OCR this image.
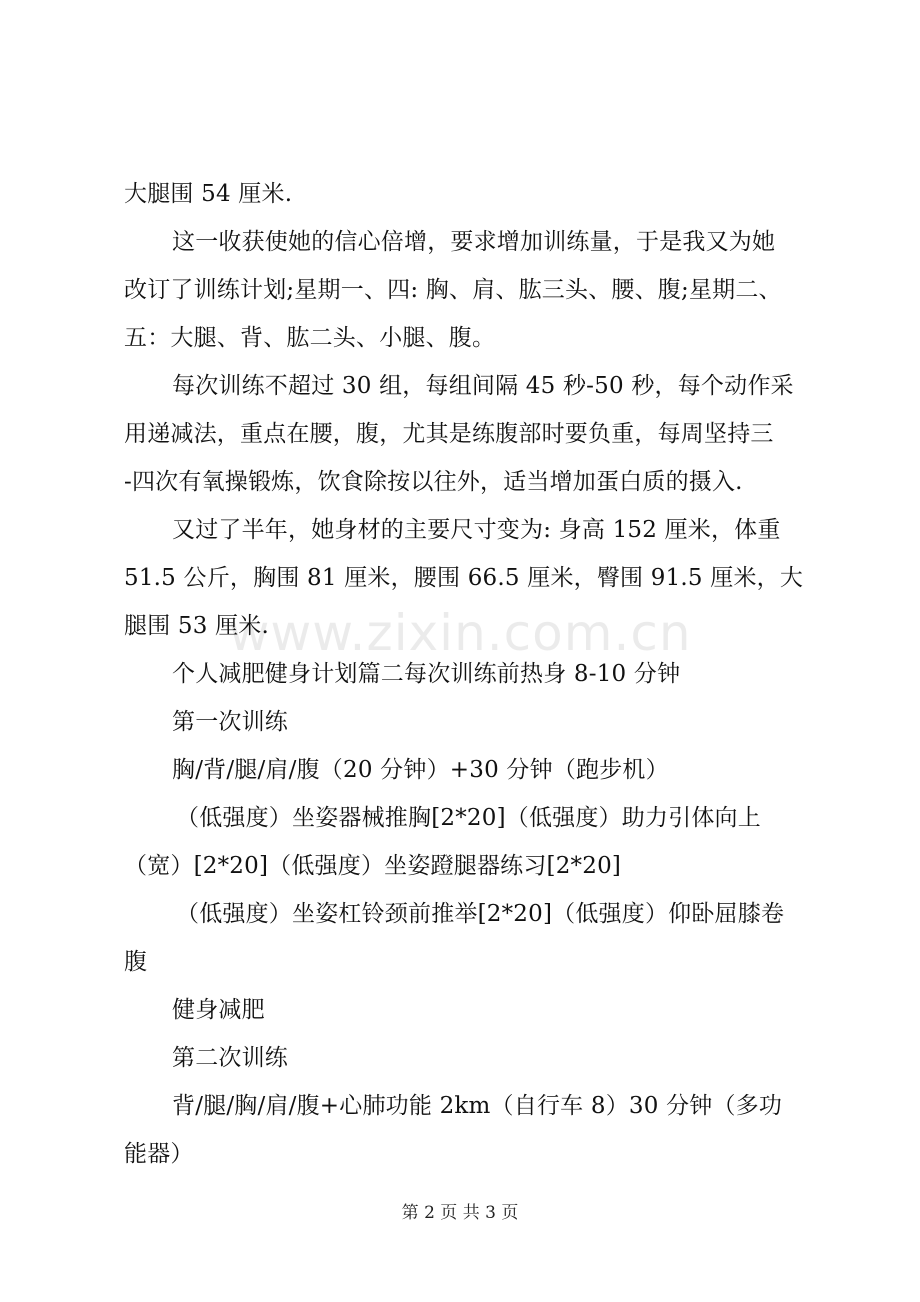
大腿围 54 厘米.
这一收获使她的信心倍增，要求增加训练量，于是我又为她
改订了训练计划;星期一、四: 胸、肩、肱三头、腰、腹;星期二、
五：大腿、背、肱二头、小腿、腹。
每次训练不超过 30 组，每组间隔 45 秒-50 秒，每个动作采
用递减法，重点在腰，腹，尤其是练腹部时要负重，每周坚持三
-四次有氧操锻炼，饮食除按以往外，适当增加蛋白质的摄入.
又过了半年，她身材的主要尺寸变为: 身高 152 厘米，体重
51.5 公斤，胸围 81 厘米，腰围 66.5 厘米，臀围 91.5 厘米，大
腿围 53 厘米.
个人减肥健身计划篇二每次训练前热身 8-10 分钟
第一次训练
胸/背/腿/肩/腹（20 分钟）+30 分钟（跑步机）
（低强度）坐姿器械推胸[2*20]（低强度）助力引体向上
（宽）[2*20]（低强度）坐姿蹬腿器练习[2*20]
（低强度）坐姿杠铃颈前推举[2*20]（低强度）仰卧屈膝卷
腹
健身减肥
第二次训练
背/腿/胸/肩/腹+心肺功能 2km（自行车 8）30 分钟（多功
能器）
www.zixin.com.cn
第 2 页 共 3 页
